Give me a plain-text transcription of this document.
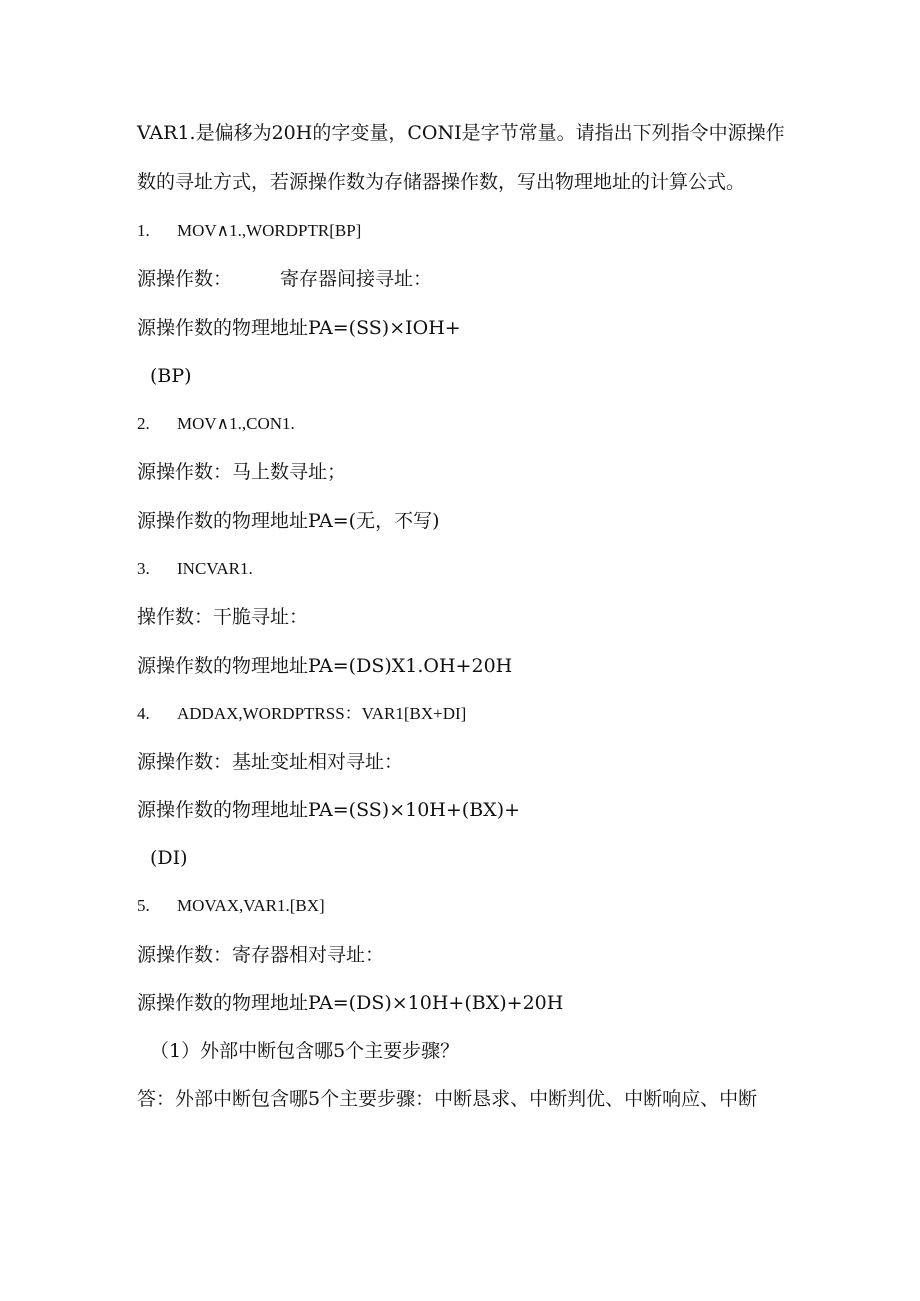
VAR1.是偏移为20H的字变量，CONI是字节常量。请指出下列指令中源操作
数的寻址方式，若源操作数为存储器操作数，写出物理地址的计算公式。
1. MOV∧1.,WORDPTR[BP]
源操作数：	寄存器间接寻址：
源操作数的物理地址PA=(SS)×IOH+
(BP)
2. MOV∧1.,CON1.
源操作数：马上数寻址；
源操作数的物理地址PA=(无，不写)
3. INCVAR1.
操作数：干脆寻址：
源操作数的物理地址PA=(DS)X1.OH+20H
4. ADDAX,WORDPTRSS：VAR1[BX+DI]
源操作数：基址变址相对寻址：
源操作数的物理地址PA=(SS)×10H+(BX)+
(DI)
5. MOVAX,VAR1.[BX]
源操作数：寄存器相对寻址：
源操作数的物理地址PA=(DS)×10H+(BX)+20H
（1）外部中断包含哪5个主要步骤？
答：外部中断包含哪5个主要步骤：中断恳求、中断判优、中断响应、中断
